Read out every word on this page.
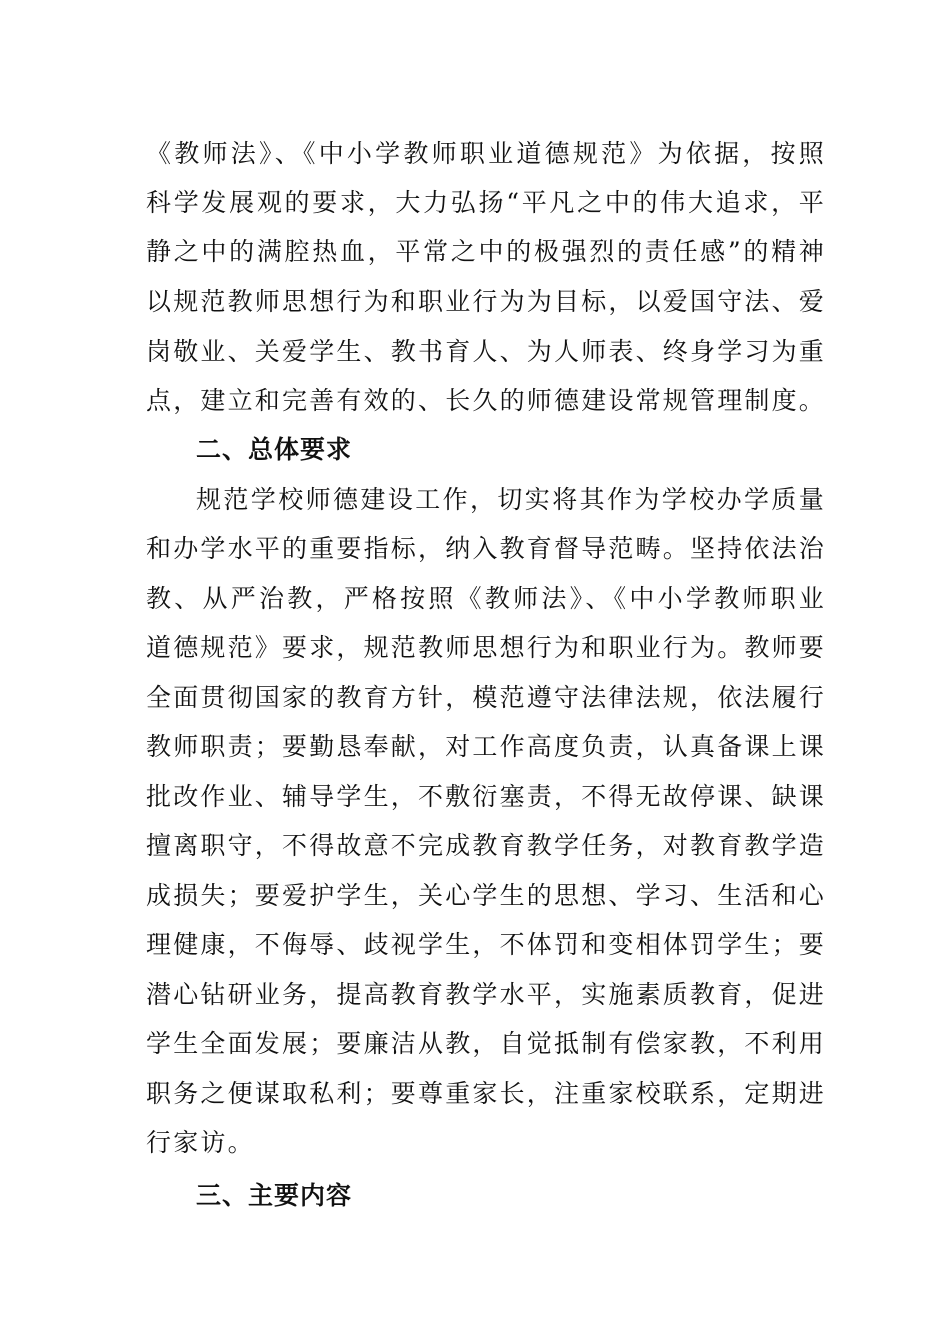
《教师法》、《中小学教师职业道德规范》为依据，按照
科学发展观的要求，大力弘扬“平凡之中的伟大追求，平
静之中的满腔热血，平常之中的极强烈的责任感”的精神
以规范教师思想行为和职业行为为目标，以爱国守法、爱
岗敬业、关爱学生、教书育人、为人师表、终身学习为重
点，建立和完善有效的、长久的师德建设常规管理制度。
二、总体要求
规范学校师德建设工作，切实将其作为学校办学质量
和办学水平的重要指标，纳入教育督导范畴。坚持依法治
教、从严治教，严格按照《教师法》、《中小学教师职业
道德规范》要求，规范教师思想行为和职业行为。教师要
全面贯彻国家的教育方针，模范遵守法律法规，依法履行
教师职责；要勤恳奉献，对工作高度负责，认真备课上课
批改作业、辅导学生，不敷衍塞责，不得无故停课、缺课
擅离职守，不得故意不完成教育教学任务，对教育教学造
成损失；要爱护学生，关心学生的思想、学习、生活和心
理健康，不侮辱、歧视学生，不体罚和变相体罚学生；要
潜心钻研业务，提高教育教学水平，实施素质教育，促进
学生全面发展；要廉洁从教，自觉抵制有偿家教，不利用
职务之便谋取私利；要尊重家长，注重家校联系，定期进
行家访。
三、主要内容
